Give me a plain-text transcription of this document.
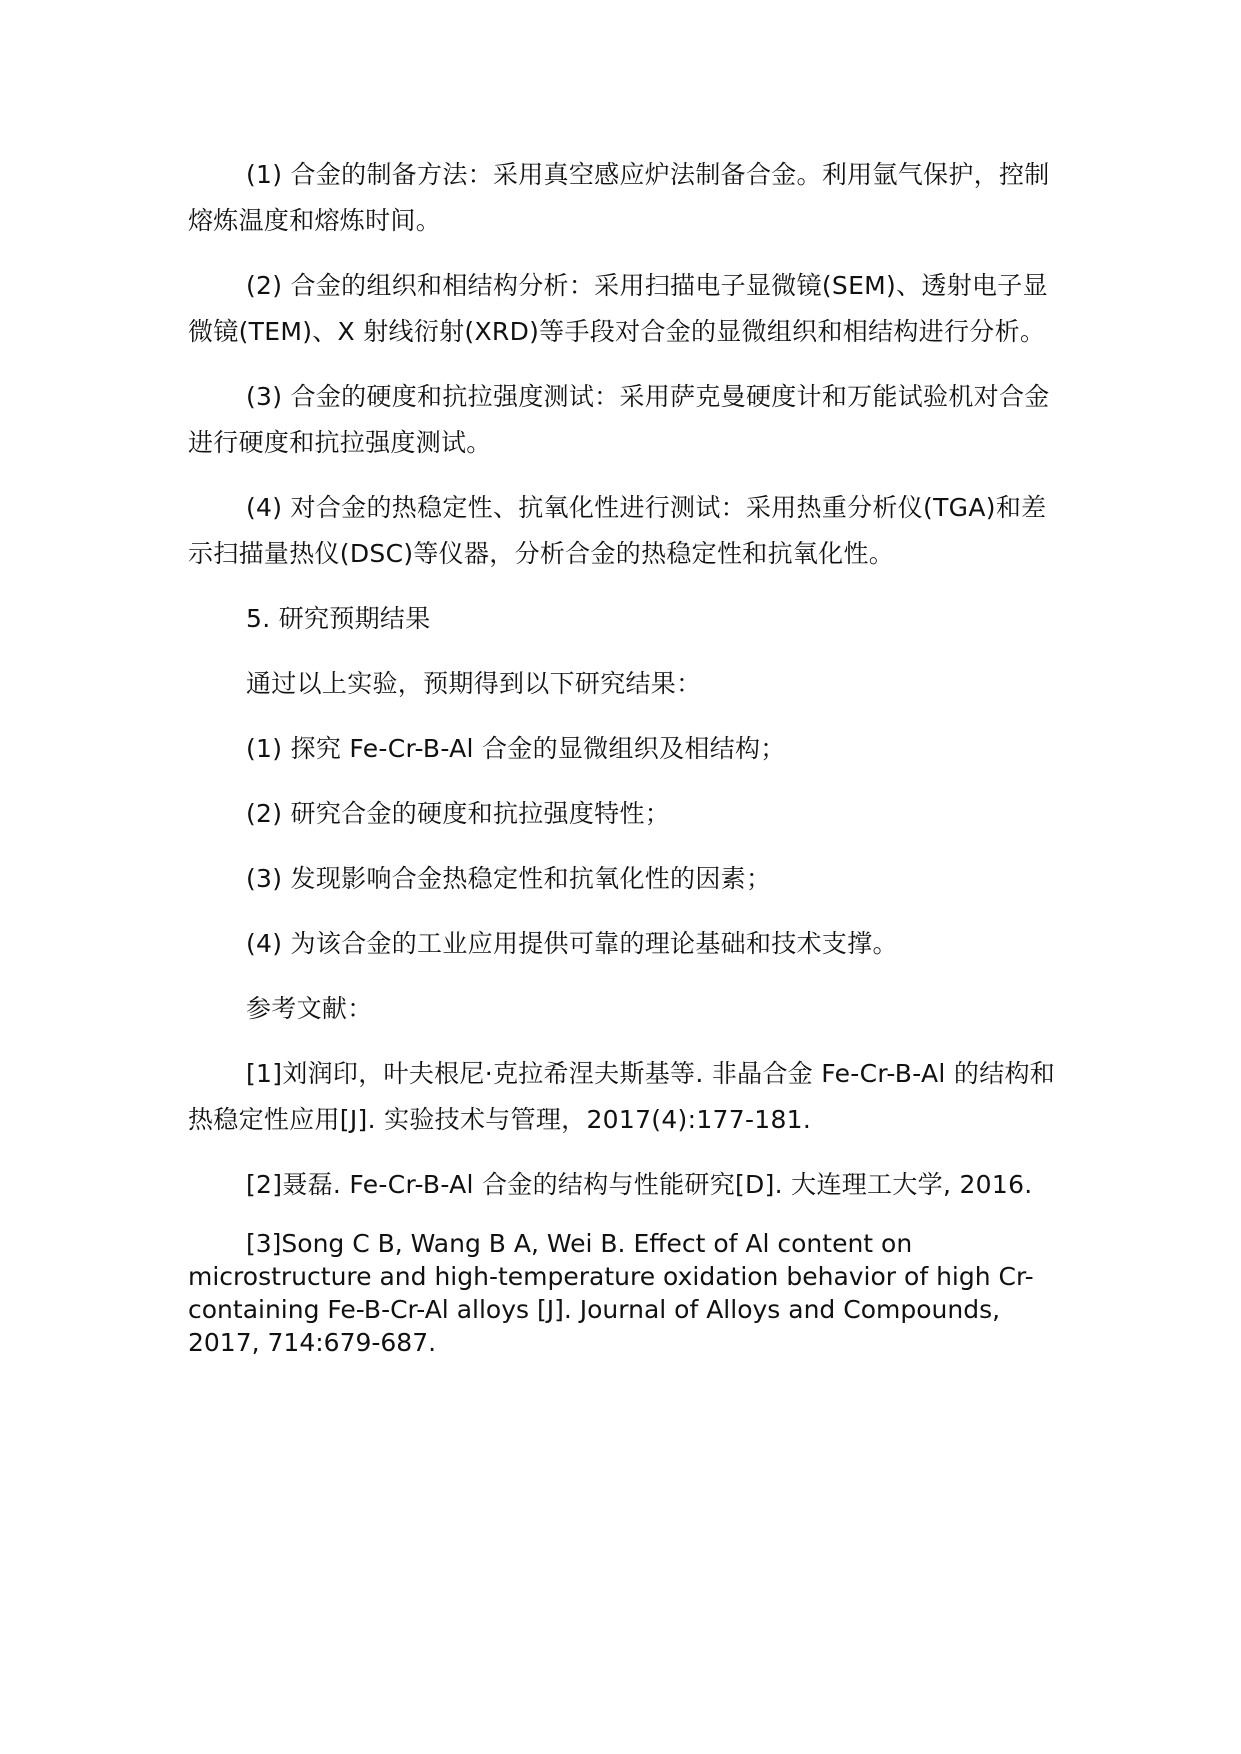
(1) 合金的制备方法：采用真空感应炉法制备合金。利用氩气保护，控制熔炼温度和熔炼时间。

(2) 合金的组织和相结构分析：采用扫描电子显微镜(SEM)、透射电子显微镜(TEM)、X 射线衍射(XRD)等手段对合金的显微组织和相结构进行分析。

(3) 合金的硬度和抗拉强度测试：采用萨克曼硬度计和万能试验机对合金进行硬度和抗拉强度测试。

(4) 对合金的热稳定性、抗氧化性进行测试：采用热重分析仪(TGA)和差示扫描量热仪(DSC)等仪器，分析合金的热稳定性和抗氧化性。

5. 研究预期结果

通过以上实验，预期得到以下研究结果：

(1) 探究 Fe-Cr-B-Al 合金的显微组织及相结构；

(2) 研究合金的硬度和抗拉强度特性；

(3) 发现影响合金热稳定性和抗氧化性的因素；

(4) 为该合金的工业应用提供可靠的理论基础和技术支撑。

参考文献：

[1]刘润印，叶夫根尼·克拉希涅夫斯基等. 非晶合金 Fe-Cr-B-Al 的结构和热稳定性应用[J]. 实验技术与管理，2017(4):177-181.

[2]聂磊. Fe-Cr-B-Al 合金的结构与性能研究[D]. 大连理工大学, 2016.

[3]Song C B, Wang B A, Wei B. Effect of Al content on microstructure and high-temperature oxidation behavior of high Cr-containing Fe-B-Cr-Al alloys [J]. Journal of Alloys and Compounds, 2017, 714:679-687.
